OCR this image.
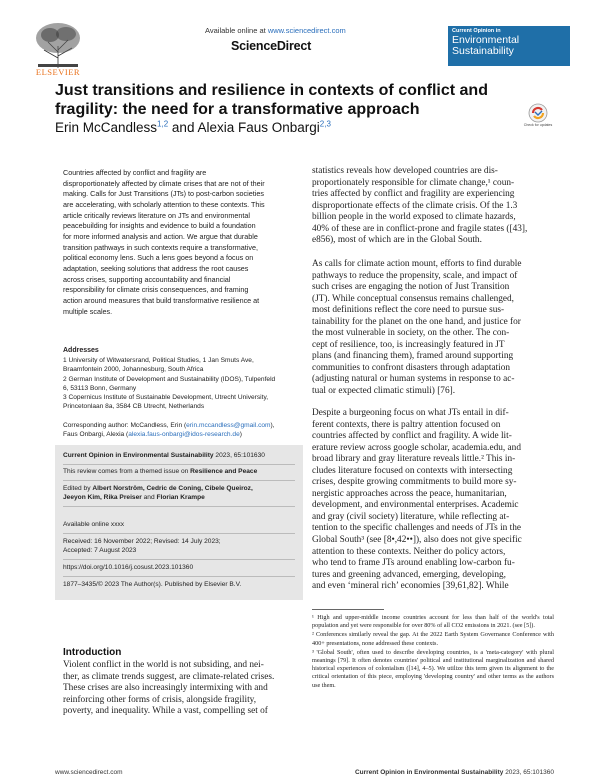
ELSEVIER
Available online at www.sciencedirect.com
ScienceDirect
Current Opinion in
Environmental Sustainability
Just transitions and resilience in contexts of conflict and fragility: the need for a transformative approach
Erin McCandless$^{1,2}$ and Alexia Faus Onbargi$^{2,3}$	Check for updates
Countries affected by conflict and fragility are
disproportionately affected by climate crises that are not of their
making. Calls for Just Transitions (JTs) to post-carbon societies
are accelerating, with scholarly attention to these contexts. This
article critically reviews literature on JTs and environmental
peacebuilding for insights and evidence to build a foundation
for more informed analysis and action. We argue that durable
transition pathways in such contexts require a transformative,
political economy lens. Such a lens goes beyond a focus on
adaptation, seeking solutions that address the root causes
across crises, supporting accountability and financial
responsibility for climate crisis consequences, and framing
action around measures that build transformative resilience at
multiple scales.
Addresses
1 University of Witwatersrand, Political Studies, 1 Jan Smuts Ave,
Braamfontein 2000, Johannesburg, South Africa
2 German Institute of Development and Sustainability (IDOS), Tulpenfeld
6, 53113 Bonn, Germany
3 Copernicus Institute of Sustainable Development, Utrecht University,
Princetonlaan 8a, 3584 CB Utrecht, Netherlands
Corresponding author: McCandless, Erin (erin.mccandless@gmail.com),
Faus Onbargi, Alexia (alexia.faus-onbargi@idos-research.de)
Current Opinion in Environmental Sustainability 2023, 65:101630
This review comes from a themed issue on Resilience and Peace
Edited by Albert Norström, Cedric de Coning, Cibele Queiroz,
Jeeyon Kim, Rika Preiser and Florian Krampe
Available online xxxx
Received: 16 November 2022; Revised: 14 July 2023;
Accepted: 7 August 2023
https://doi.org/10.1016/j.cosust.2023.101360
1877–3435/© 2023 The Author(s). Published by Elsevier B.V.
Introduction
Violent conflict in the world is not subsiding, and nei-
ther, as climate trends suggest, are climate-related crises.
These crises are also increasingly intermixing with and
reinforcing other forms of crisis, alongside fragility,
poverty, and inequality. While a vast, compelling set of
statistics reveals how developed countries are dis-
proportionately responsible for climate change,¹ coun-
tries affected by conflict and fragility are experiencing
disproportionate effects of the climate crisis. Of the 1.3
billion people in the world exposed to climate hazards,
40% of these are in conflict-prone and fragile states ([43],
e856), most of which are in the Global South.
As calls for climate action mount, efforts to find durable
pathways to reduce the propensity, scale, and impact of
such crises are engaging the notion of Just Transition
(JT). While conceptual consensus remains challenged,
most definitions reflect the core need to pursue sus-
tainability for the planet on the one hand, and justice for
the most vulnerable in society, on the other. The con-
cept of resilience, too, is increasingly featured in JT
plans (and financing them), framed around supporting
communities to confront disasters through adaptation
(adjusting natural or human systems in response to ac-
tual or expected climatic stimuli) [76].
Despite a burgeoning focus on what JTs entail in dif-
ferent contexts, there is paltry attention focused on
countries affected by conflict and fragility. A wide lit-
erature review across google scholar, academia.edu, and
broad library and gray literature reveals little.² This in-
cludes literature focused on contexts with intersecting
crises, despite growing commitments to build more sy-
nergistic approaches across the peace, humanitarian,
development, and environmental enterprises. Academic
and gray (civil society) literature, while reflecting at-
tention to the specific challenges and needs of JTs in the
Global South³ (see [8•,42••]), also does not give specific
attention to these contexts. Neither do policy actors,
who tend to frame JTs around enabling low-carbon fu-
tures and greening advanced, emerging, developing,
and even ‘mineral rich’ economies [39,61,82]. While
¹ High and upper-middle income countries account for less than half of the world's total population and yet were responsible for over 80% of all CO2 emissions in 2021. (see [5]).
² Conferences similarly reveal the gap. At the 2022 Earth System Governance Conference with 400+ presentations, none addressed these contexts.
³ 'Global South', often used to describe developing countries, is a 'meta-category' with plural meanings [79]. It often denotes countries' political and institutional marginalization and shared historical experiences of colonialism ([14], 4–5). We utilize this term given its alignment to the critical orientation of this piece, employing 'developing country' and other terms as the authors use them.
www.sciencedirect.com	Current Opinion in Environmental Sustainability 2023, 65:101360
